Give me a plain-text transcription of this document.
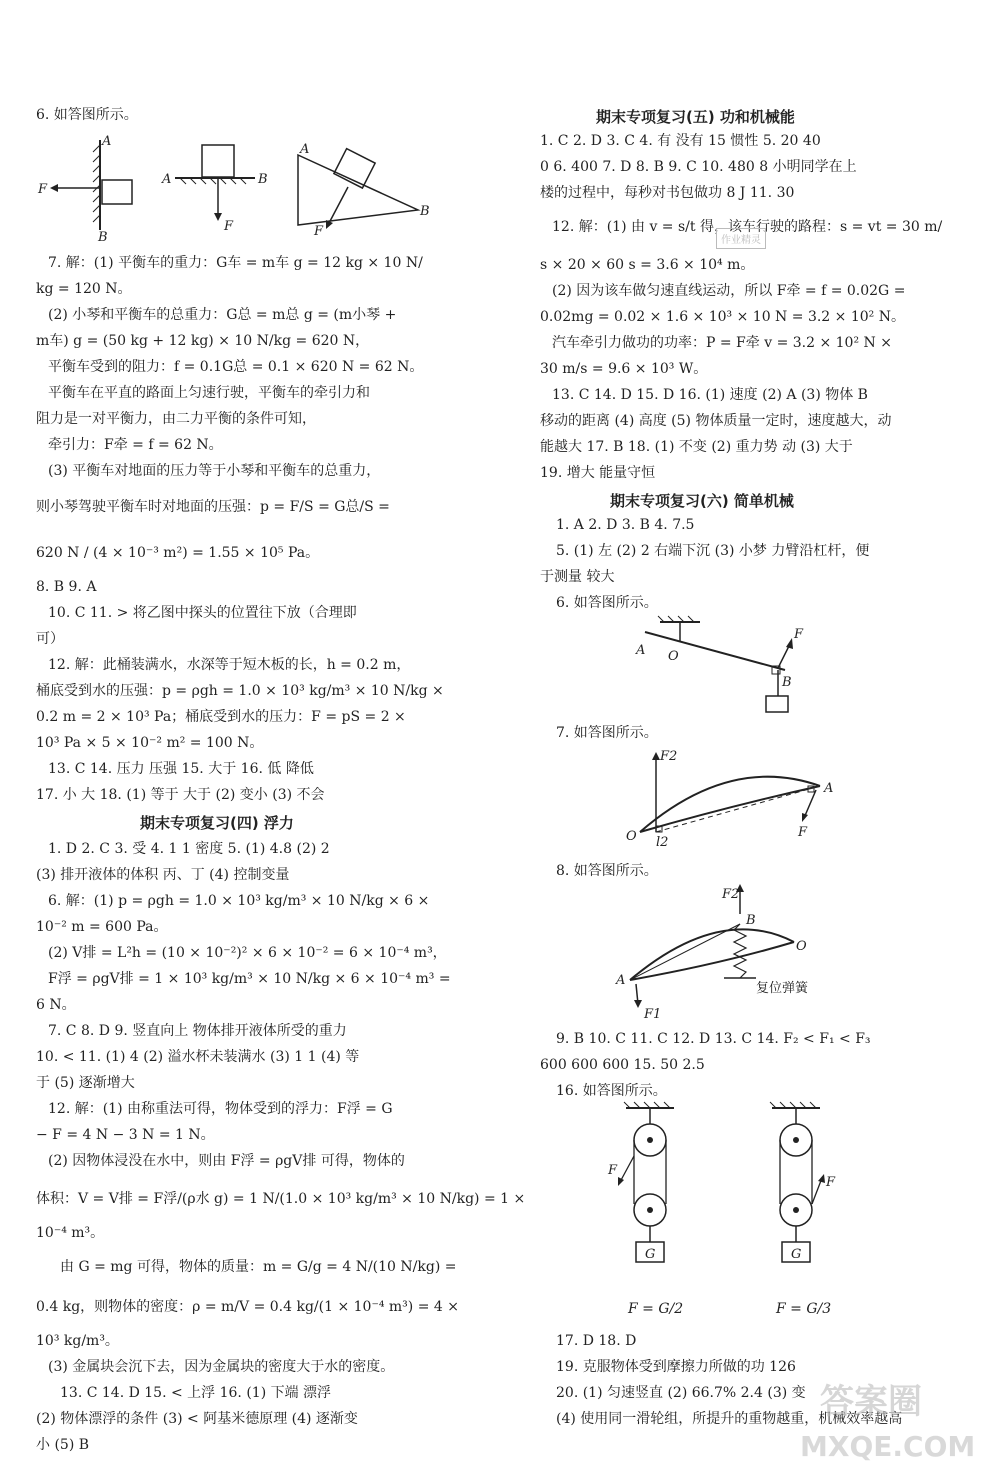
6. 如答图所示。
A
B
F
A	B
F
A
B
F
7. 解：(1) 平衡车的重力：G车 = m车 g = 12 kg × 10 N/
kg = 120 N。
(2) 小琴和平衡车的总重力：G总 = m总 g = (m小琴 +
m车) g = (50 kg + 12 kg) × 10 N/kg = 620 N，
平衡车受到的阻力：f = 0.1G总 = 0.1 × 620 N = 62 N。
平衡车在平直的路面上匀速行驶，平衡车的牵引力和
阻力是一对平衡力，由二力平衡的条件可知，
牵引力：F牵 = f = 62 N。
(3) 平衡车对地面的压力等于小琴和平衡车的总重力，
则小琴驾驶平衡车时对地面的压强：p = F/S = G总/S =
620 N / (4 × 10⁻³ m²) = 1.55 × 10⁵ Pa。
8. B 9. A
10. C 11. > 将乙图中探头的位置往下放（合理即
可）
12. 解：此桶装满水，水深等于短木板的长，h = 0.2 m，
桶底受到水的压强：p = ρgh = 1.0 × 10³ kg/m³ × 10 N/kg ×
0.2 m = 2 × 10³ Pa；桶底受到水的压力：F = pS = 2 ×
10³ Pa × 5 × 10⁻² m² = 100 N。
13. C 14. 压力 压强 15. 大于 16. 低 降低
17. 小 大 18. (1) 等于 大于 (2) 变小 (3) 不会
期末专项复习(四) 浮力
1. D 2. C 3. 受 4. 1 1 密度 5. (1) 4.8 (2) 2
(3) 排开液体的体积 丙、丁 (4) 控制变量
6. 解：(1) p = ρgh = 1.0 × 10³ kg/m³ × 10 N/kg × 6 ×
10⁻² m = 600 Pa。
(2) V排 = L²h = (10 × 10⁻²)² × 6 × 10⁻² = 6 × 10⁻⁴ m³，
F浮 = ρgV排 = 1 × 10³ kg/m³ × 10 N/kg × 6 × 10⁻⁴ m³ =
6 N。
7. C 8. D 9. 竖直向上 物体排开液体所受的重力
10. < 11. (1) 4 (2) 溢水杯未装满水 (3) 1 1 (4) 等
于 (5) 逐渐增大
12. 解：(1) 由称重法可得，物体受到的浮力：F浮 = G
− F = 4 N − 3 N = 1 N。
(2) 因物体浸没在水中，则由 F浮 = ρgV排 可得，物体的
体积：V = V排 = F浮/(ρ水 g) = 1 N/(1.0 × 10³ kg/m³ × 10 N/kg) = 1 ×
10⁻⁴ m³。
由 G = mg 可得，物体的质量：m = G/g = 4 N/(10 N/kg) =
0.4 kg，则物体的密度：ρ = m/V = 0.4 kg/(1 × 10⁻⁴ m³) = 4 ×
10³ kg/m³。
(3) 金属块会沉下去，因为金属块的密度大于水的密度。
13. C 14. D 15. < 上浮 16. (1) 下端 漂浮
(2) 物体漂浮的条件 (3) < 阿基米德原理 (4) 逐渐变
小 (5) B
期末专项复习(五) 功和机械能
1. C 2. D 3. C 4. 有 没有 15 惯性 5. 20 40
0 6. 400 7. D 8. B 9. C 10. 480 8 小明同学在上
楼的过程中，每秒对书包做功 8 J 11. 30
12. 解：(1) 由 v = s/t 得，该车行驶的路程：s = vt = 30 m/
s × 20 × 60 s = 3.6 × 10⁴ m。
(2) 因为该车做匀速直线运动，所以 F牵 = f = 0.02G =
0.02mg = 0.02 × 1.6 × 10³ × 10 N = 3.2 × 10² N。
汽车牵引力做功的功率：P = F牵 v = 3.2 × 10² N ×
30 m/s = 9.6 × 10³ W。
13. C 14. D 15. D 16. (1) 速度 (2) A (3) 物体 B
移动的距离 (4) 高度 (5) 物体质量一定时，速度越大，动
能越大 17. B 18. (1) 不变 (2) 重力势 动 (3) 大于
19. 增大 能量守恒
期末专项复习(六) 简单机械
1. A 2. D 3. B 4. 7.5
5. (1) 左 (2) 2 右端下沉 (3) 小梦 力臂沿杠杆，便
于测量 较大
6. 如答图所示。
F
A O
B
7. 如答图所示。
F2
A
O l2
F
8. 如答图所示。
F2
B
A
O
F1
复位弹簧
9. B 10. C 11. C 12. D 13. C 14. F₂ < F₁ < F₃
600 600 600 15. 50 2.5
16. 如答图所示。
F
G
F
G
F = G/2	F = G/3
17. D 18. D
19. 克服物体受到摩擦力所做的功 126
20. (1) 匀速竖直 (2) 66.7% 2.4 (3) 变
(4) 使用同一滑轮组，所提升的重物越重，机械效率越高
作业精灵
答案圈
MXQE.COM
